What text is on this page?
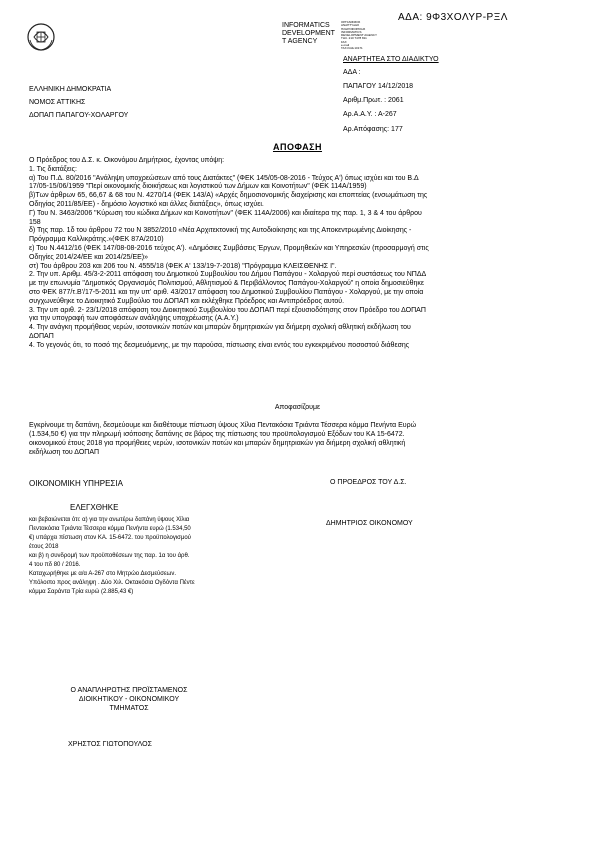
ΑΔΑ: 9Φ3ΧΟΛΥΡ-ΡΞΛ
INFORMATICS
DEVELOPMENT
T AGENCY
ΟΡΓΑΝΙΣΜΟΣ
ΑΝΑΠΤΥΞΗΣ
ΠΛΗΡΟΦΟΡΙΚΗΣ
INFORMATICS
DEVELOPMENT AGENCY
ΤΗΛ. 210 7478 811
FAX
e-mail
ΤΑΧ.ΚΩΔ 10171
ΕΛΛΗΝΙΚΗ ΔΗΜΟΚΡΑΤΙΑ
ΝΟΜΟΣ ΑΤΤΙΚΗΣ
ΔΟΠΑΠ ΠΑΠΑΓΟΥ-ΧΟΛΑΡΓΟΥ
ΑΝΑΡΤΗΤΕΑ ΣΤΟ ΔΙΑΔΙΚΤΥΟ
ΑΔΑ :
ΠΑΠΑΓΟΥ 14/12/2018
Αριθμ.Πρωτ. : 2061
Αρ.Α.Α.Υ. : Α-267
Αρ.Απόφασης: 177
ΑΠΟΦΑΣΗ

Ο Πρόεδρος του Δ.Σ. κ. Οικονόμου Δημήτριος, έχοντας υπόψη:

1. Τις διατάξεις:

α) Του Π.Δ. 80/2016 "Ανάληψη υποχρεώσεων από τους Διατάκτες" (ΦΕΚ 145/05-08-2016 - Τεύχος Α') όπως ισχύει και του Β.Δ

17/05-15/06/1959 "Περί οικονομικής διοικήσεως και λογιστικού των Δήμων και Κοινοτήτων" (ΦΕΚ 114Α/1959)

β)Των άρθρων 65, 66,67 & 68 του Ν. 4270/14 (ΦΕΚ 143/Α) «Αρχές δημοσιονομικής διαχείρισης και εποπτείας (ενσωμάτωση της

Οδηγίας 2011/85/ΕΕ) - δημόσιο λογιστικό και άλλες διατάξεις», όπως ισχύει.

Γ) Του Ν. 3463/2006 "Κύρωση του κώδικα Δήμων και Κοινοτήτων" (ΦΕΚ 114Α/2006) και ιδιαίτερα της παρ. 1, 3 & 4 του άρθρου

158

δ) Της παρ. 1δ του άρθρου 72 του Ν 3852/2010 «Νέα Αρχιτεκτονική της Αυτοδιοίκησης και της Αποκεντρωμένης Διοίκησης -

Πρόγραμμα Καλλικράτης.»(ΦΕΚ 87Α/2010)

ε) Του Ν.4412/16 (ΦΕΚ 147/08-08-2016 τεύχος Α'). «Δημόσιες Συμβάσεις Έργων, Προμηθειών και Υπηρεσιών (προσαρμογή στις

Οδηγίες 2014/24/ΕΕ και 2014/25/ΕΕ)»

στ) Του άρθρου 203 και 206 του Ν. 4555/18 (ΦΕΚ Α' 133/19-7-2018) "Πρόγραμμα ΚΛΕΙΣΘΕΝΗΣ Ι".

2. Την υπ. Αριθμ. 45/3-2-2011 απόφαση του Δημοτικού Συμβουλίου του Δήμου Παπάγου - Χολαργού περί συστάσεως του ΝΠΔΔ

με την επωνυμία "Δημοτικός Οργανισμός Πολιτισμού, Αθλητισμού & Περιβάλλοντος Παπάγου-Χολαργού" η οποία δημοσιεύθηκε

στο ΦΕΚ 877/τ.Β'/17-5-2011 και την υπ' αριθ. 43/2017 απόφαση του Δημοτικού Συμβουλίου Παπάγου - Χολαργού, με την οποία

συγχωνεύθηκε το Διοικητικό Συμβούλιο του ΔΟΠΑΠ και εκλέχθηκε Πρόεδρος και Αντιπρόεδρος αυτού.

3. Την υπ αριθ. 2- 23/1/2018 απόφαση του Διοικητικού Συμβουλίου του ΔΟΠΑΠ περί εξουσιοδότησης στον Πρόεδρο του ΔΟΠΑΠ

για την υπογραφή των αποφάσεων ανάληψης υποχρέωσης (Α.Α.Υ.)

4. Την ανάγκη προμήθειας νερών, ισοτονικών ποτών και μπαρών δημητριακών για διήμερη σχολική αθλητική εκδήλωση του

ΔΟΠΑΠ

4. Το γεγονός ότι, το ποσό της δεσμευόμενης, με την παρούσα, πίστωσης είναι εντός του εγκεκριμένου ποσοστού διάθεσης

Αποφασίζουμε
Εγκρίνουμε τη δαπάνη, δεσμεύουμε και διαθέτουμε πίστωση ύψους Χίλια Πεντακόσια Τριάντα Τέσσερα κόμμα Πενήντα Ευρώ
(1.534,50 €) για την πληρωμή ισόποσης δαπάνης σε βάρος της πίστωσης του προϋπολογισμού Εξόδων του ΚΑ 15-6472.
οικονομικού έτους 2018 για προμήθειες νερών, ισοτονικών ποτών και μπαρών δημητριακών για διήμερη σχολική αθλητική
εκδήλωση του ΔΟΠΑΠ
ΟΙΚΟΝΟΜΙΚΗ ΥΠΗΡΕΣΙΑ
ΕΛΕΓΧΘΗΚΕ
και βεβαιώνεται ότι: α) για την ανωτέρω δαπάνη ύψους Χίλια
Πεντακόσια Τριάντα Τέσσερα κόμμα Πενήντα ευρώ (1.534,50
€) υπάρχει πίστωση στον ΚΑ. 15-6472. του προϋπολογισμού
έτους 2018
και β) η συνδρομή των προϋποθέσεων της παρ. 1α του άρθ.
4 του πδ 80 / 2016.
Καταχωρήθηκε με α/α Α-267 στο Μητρώο Δεσμεύσεων.
Υπόλοιπο προς ανάληψη . Δύο Χιλ. Οκτακόσια Ογδόντα Πέντε
κόμμα Σαράντα Τρία ευρώ (2.885,43 €)
Ο ΠΡΟΕΔΡΟΣ ΤΟΥ Δ.Σ.
ΔΗΜΗΤΡΙΟΣ ΟΙΚΟΝΟΜΟΥ
Ο ΑΝΑΠΛΗΡΩΤΗΣ ΠΡΟΪΣΤΑΜΕΝΟΣ
ΔΙΟΙΚΗΤΙΚΟΥ - ΟΙΚΟΝΟΜΙΚΟΥ
ΤΜΗΜΑΤΟΣ
ΧΡΗΣΤΟΣ ΓΙΩΤΟΠΟΥΛΟΣ
